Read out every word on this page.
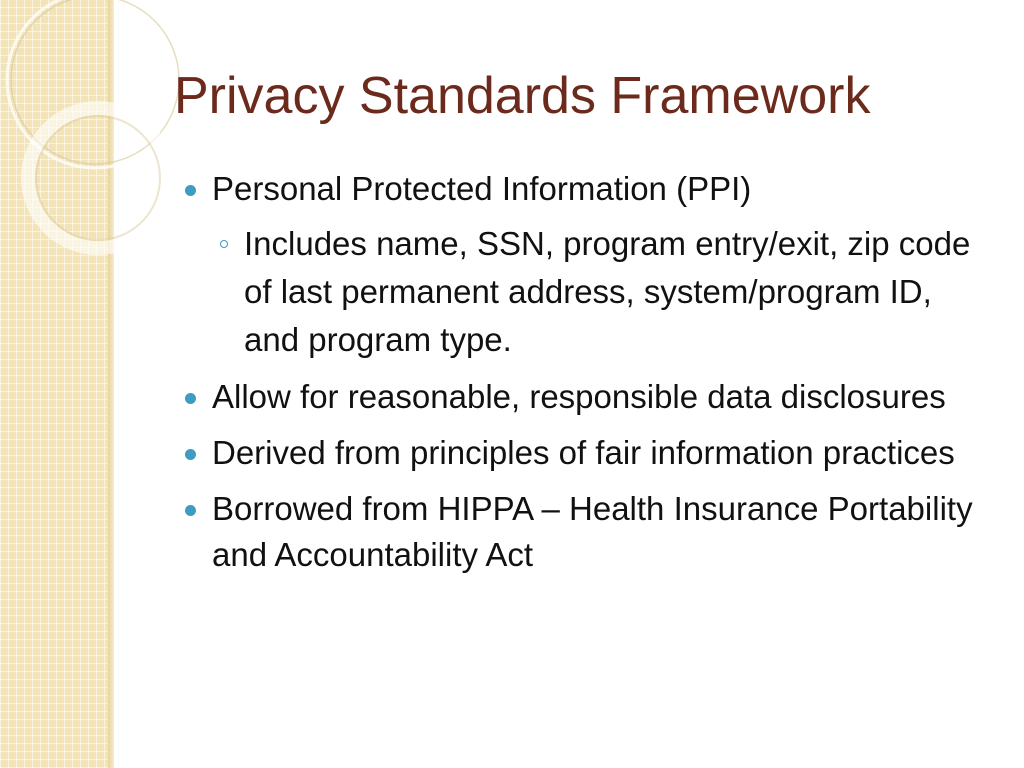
Privacy Standards Framework
Personal Protected Information (PPI)
Includes name, SSN, program entry/exit, zip code of last permanent address, system/program ID, and program type.
Allow for reasonable, responsible data disclosures
Derived from principles of fair information practices
Borrowed from HIPPA – Health Insurance Portability and Accountability Act
